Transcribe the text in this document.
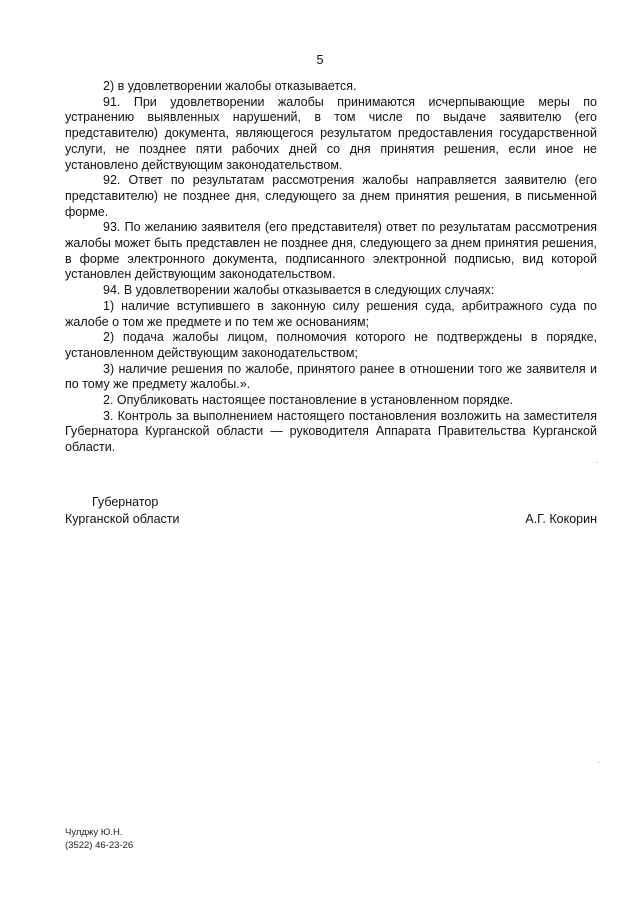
5

2) в удовлетворении жалобы отказывается.

91. При удовлетворении жалобы принимаются исчерпывающие меры по устранению выявленных нарушений, в том числе по выдаче заявителю (его представителю) документа, являющегося результатом предоставления государственной услуги, не позднее пяти рабочих дней со дня принятия решения, если иное не установлено действующим законодательством.

92. Ответ по результатам рассмотрения жалобы направляется заявителю (его представителю) не позднее дня, следующего за днем принятия решения, в письменной форме.

93. По желанию заявителя (его представителя) ответ по результатам рассмотрения жалобы может быть представлен не позднее дня, следующего за днем принятия решения, в форме электронного документа, подписанного электронной подписью, вид которой установлен действующим законодательством.

94. В удовлетворении жалобы отказывается в следующих случаях:

1) наличие вступившего в законную силу решения суда, арбитражного суда по жалобе о том же предмете и по тем же основаниям;

2) подача жалобы лицом, полномочия которого не подтверждены в порядке, установленном действующим законодательством;

3) наличие решения по жалобе, принятого ранее в отношении того же заявителя и по тому же предмету жалобы.».

2. Опубликовать настоящее постановление в установленном порядке.

3. Контроль за выполнением настоящего постановления возложить на заместителя Губернатора Курганской области — руководителя Аппарата Правительства Курганской области.

Губернатор
Курганской области	А.Г. Кокорин
Чулджу Ю.Н.
(3522) 46-23-26
